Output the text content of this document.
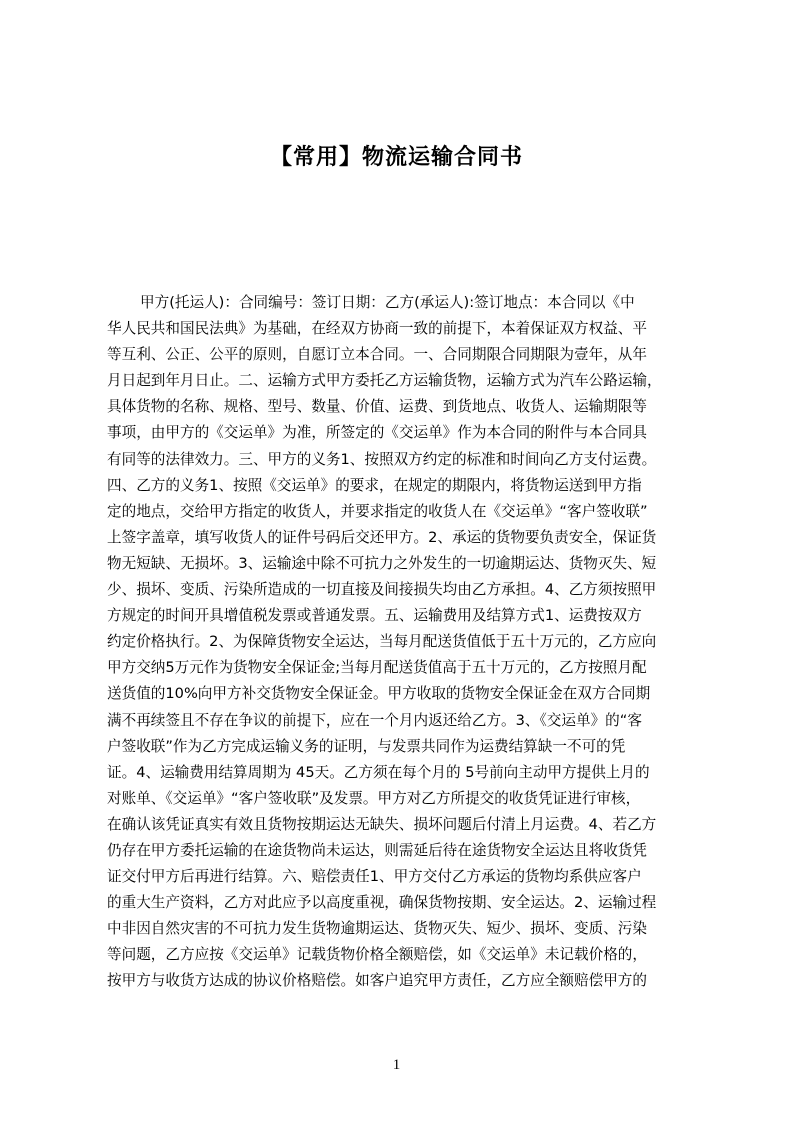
【常用】物流运输合同书
甲方(托运人)：合同编号：签订日期：乙方(承运人):签订地点：本合同以《中
华人民共和国民法典》为基础，在经双方协商一致的前提下，本着保证双方权益、平
等互利、公正、公平的原则，自愿订立本合同。一、合同期限合同期限为壹年，从年
月日起到年月日止。二、运输方式甲方委托乙方运输货物，运输方式为汽车公路运输，
具体货物的名称、规格、型号、数量、价值、运费、到货地点、收货人、运输期限等
事项，由甲方的《交运单》为准，所签定的《交运单》作为本合同的附件与本合同具
有同等的法律效力。三、甲方的义务1、按照双方约定的标准和时间向乙方支付运费。
四、乙方的义务1、按照《交运单》的要求，在规定的期限内，将货物运送到甲方指
定的地点，交给甲方指定的收货人，并要求指定的收货人在《交运单》“客户签收联”
上签字盖章，填写收货人的证件号码后交还甲方。2、承运的货物要负责安全，保证货
物无短缺、无损坏。3、运输途中除不可抗力之外发生的一切逾期运达、货物灭失、短
少、损坏、变质、污染所造成的一切直接及间接损失均由乙方承担。4、乙方须按照甲
方规定的时间开具增值税发票或普通发票。五、运输费用及结算方式1、运费按双方
约定价格执行。2、为保障货物安全运达，当每月配送货值低于五十万元的，乙方应向
甲方交纳5万元作为货物安全保证金;当每月配送货值高于五十万元的，乙方按照月配
送货值的10%向甲方补交货物安全保证金。甲方收取的货物安全保证金在双方合同期
满不再续签且不存在争议的前提下，应在一个月内返还给乙方。3、《交运单》的“客
户签收联”作为乙方完成运输义务的证明，与发票共同作为运费结算缺一不可的凭
证。4、运输费用结算周期为 45天。乙方须在每个月的 5号前向主动甲方提供上月的
对账单、《交运单》“客户签收联”及发票。甲方对乙方所提交的收货凭证进行审核，
在确认该凭证真实有效且货物按期运达无缺失、损坏问题后付清上月运费。4、若乙方
仍存在甲方委托运输的在途货物尚未运达，则需延后待在途货物安全运达且将收货凭
证交付甲方后再进行结算。六、赔偿责任1、甲方交付乙方承运的货物均系供应客户
的重大生产资料，乙方对此应予以高度重视，确保货物按期、安全运达。2、运输过程
中非因自然灾害的不可抗力发生货物逾期运达、货物灭失、短少、损坏、变质、污染
等问题，乙方应按《交运单》记载货物价格全额赔偿，如《交运单》未记载价格的，
按甲方与收货方达成的协议价格赔偿。如客户追究甲方责任，乙方应全额赔偿甲方的
1
